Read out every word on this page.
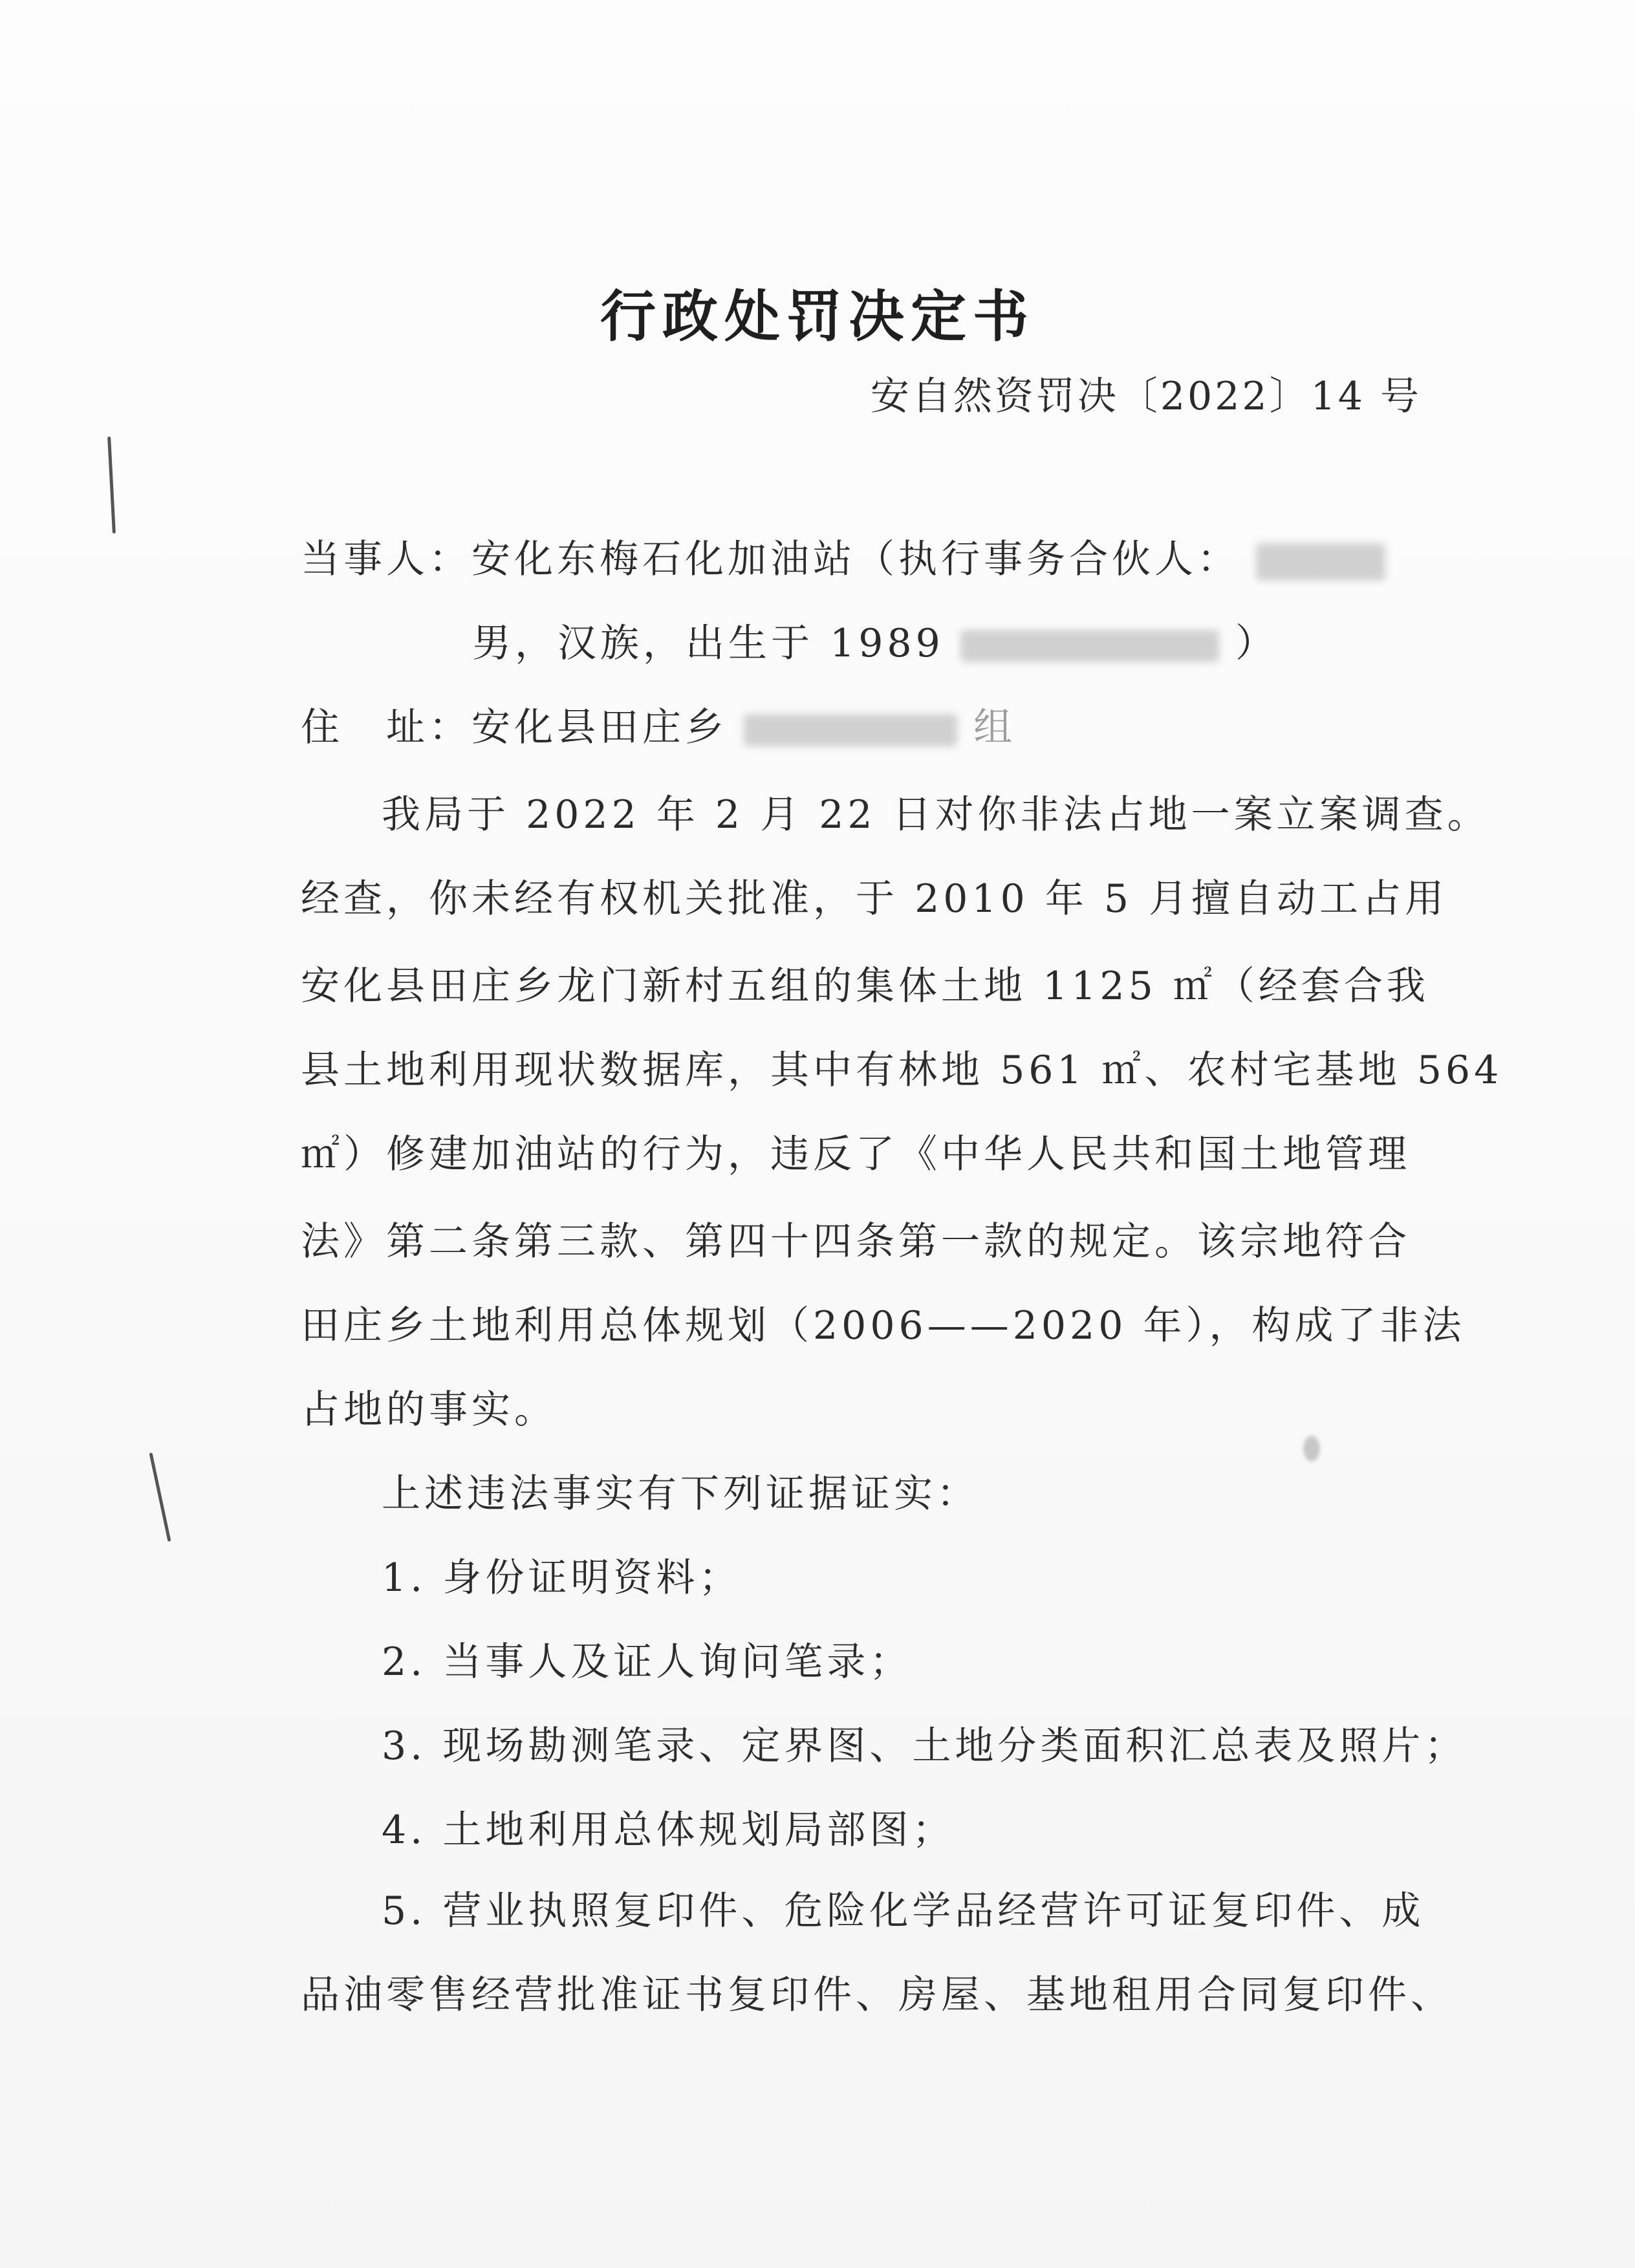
行政处罚决定书
安自然资罚决〔2022〕14 号
当事人：安化东梅石化加油站（执行事务合伙人：
男，汉族，出生于 1989	）
住　址：安化县田庄乡	组
我局于 2022 年 2 月 22 日对你非法占地一案立案调查。
经查，你未经有权机关批准，于 2010 年 5 月擅自动工占用
安化县田庄乡龙门新村五组的集体土地 1125 ㎡（经套合我
县土地利用现状数据库，其中有林地 561 ㎡、农村宅基地 564
㎡）修建加油站的行为，违反了《中华人民共和国土地管理
法》第二条第三款、第四十四条第一款的规定。该宗地符合
田庄乡土地利用总体规划（2006——2020 年），构成了非法
占地的事实。
上述违法事实有下列证据证实：
1. 身份证明资料；
2. 当事人及证人询问笔录；
3. 现场勘测笔录、定界图、土地分类面积汇总表及照片；
4. 土地利用总体规划局部图；
5. 营业执照复印件、危险化学品经营许可证复印件、成
品油零售经营批准证书复印件、房屋、基地租用合同复印件、
